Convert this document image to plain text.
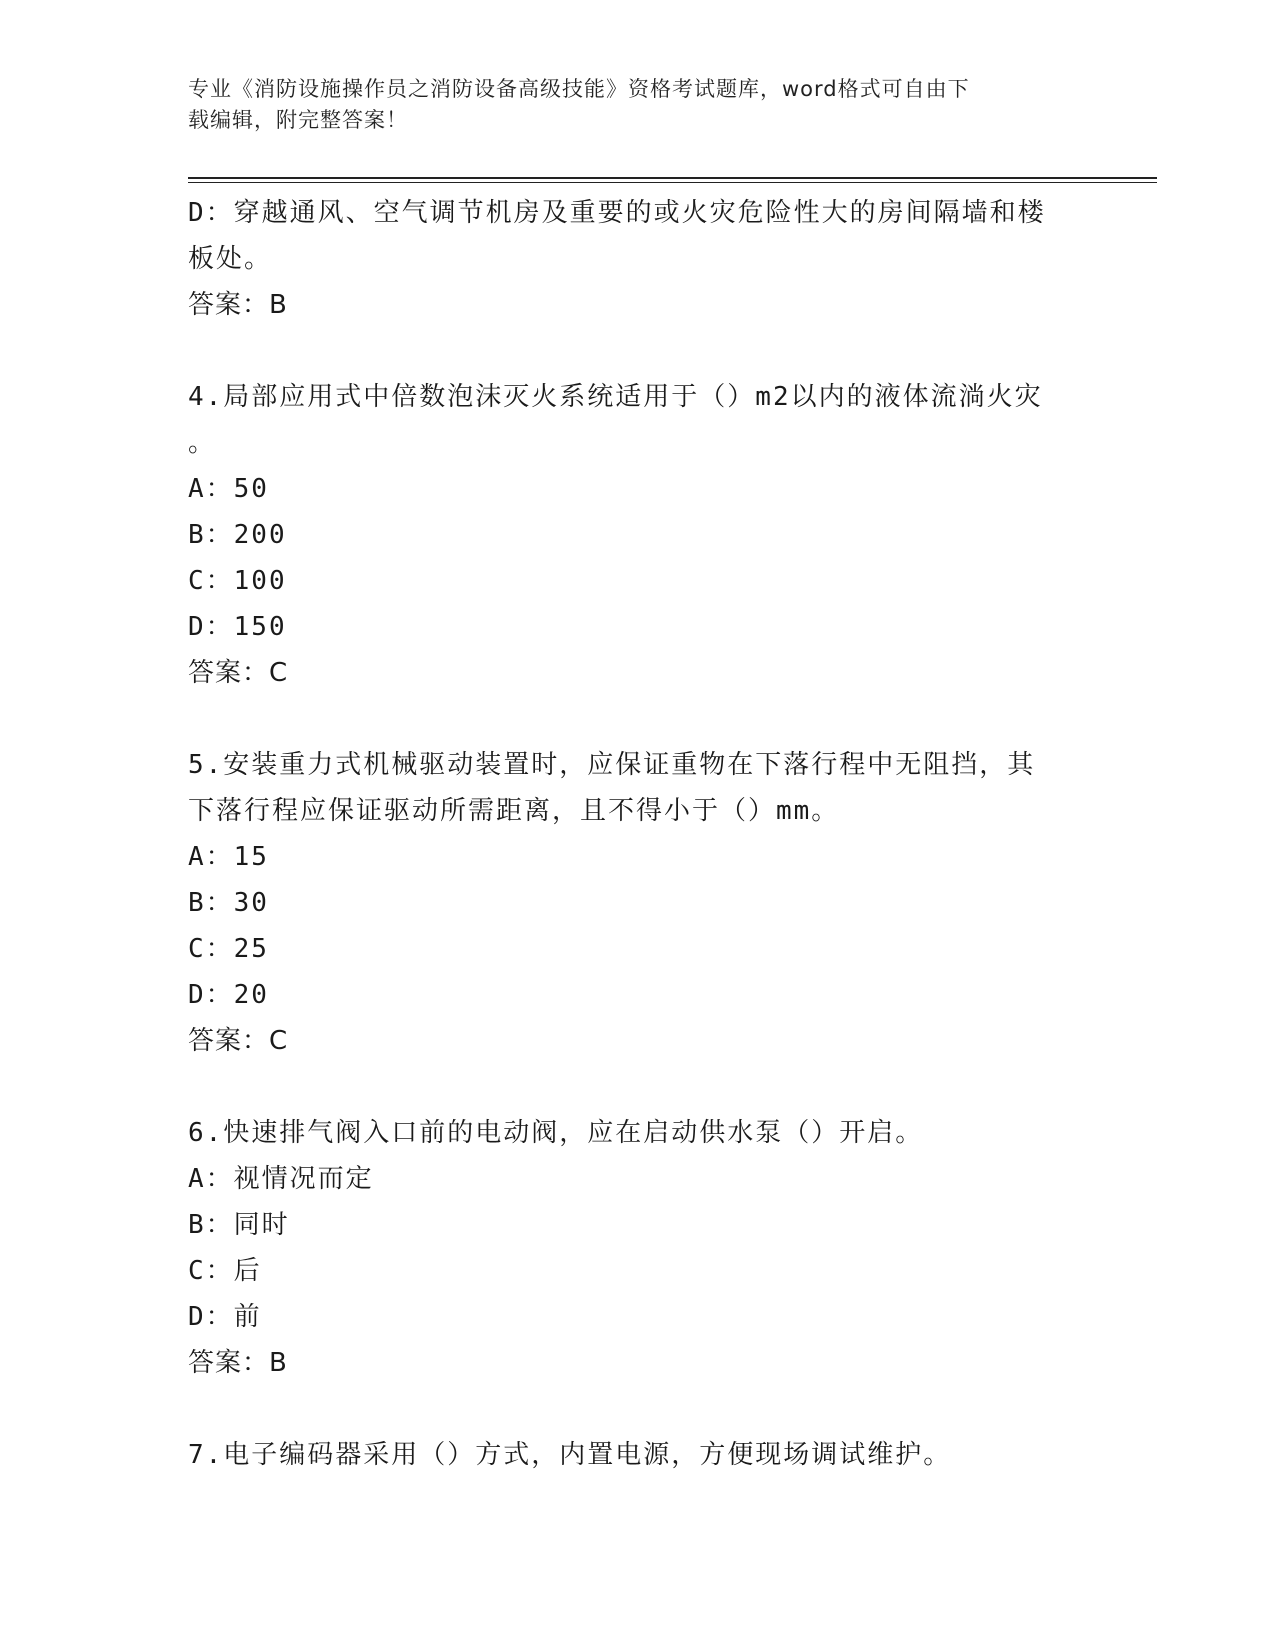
专业《消防设施操作员之消防设备高级技能》资格考试题库，word格式可自由下
载编辑，附完整答案！
D：穿越通风、空气调节机房及重要的或火灾危险性大的房间隔墙和楼
板处。
答案：B
4.局部应用式中倍数泡沫灭火系统适用于（）m2以内的液体流淌火灾
。
A：50
B：200
C：100
D：150
答案：C
5.安装重力式机械驱动装置时，应保证重物在下落行程中无阻挡，其
下落行程应保证驱动所需距离，且不得小于（）mm。
A：15
B：30
C：25
D：20
答案：C
6.快速排气阀入口前的电动阀，应在启动供水泵（）开启。
A：视情况而定
B：同时
C：后
D：前
答案：B
7.电子编码器采用（）方式，内置电源，方便现场调试维护。
